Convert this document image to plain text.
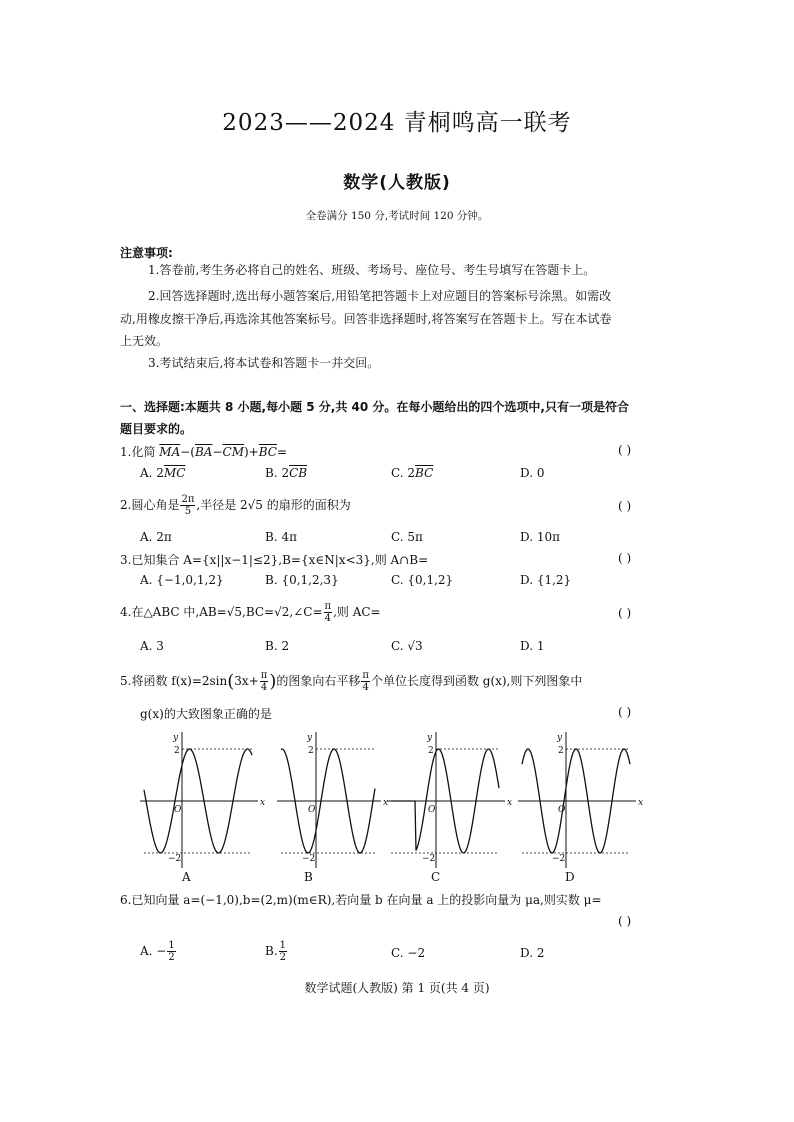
2023——2024 青桐鸣高一联考
数学(人教版)
全卷满分 150 分,考试时间 120 分钟。
注意事项:
1.答卷前,考生务必将自己的姓名、班级、考场号、座位号、考生号填写在答题卡上。
2.回答选择题时,选出每小题答案后,用铅笔把答题卡上对应题目的答案标号涂黑。如需改
动,用橡皮擦干净后,再选涂其他答案标号。回答非选择题时,将答案写在答题卡上。写在本试卷
上无效。
3.考试结束后,将本试卷和答题卡一并交回。
一、选择题:本题共 8 小题,每小题 5 分,共 40 分。在每小题给出的四个选项中,只有一项是符合
题目要求的。
1.化简 $\overline{MA}-(\overline{BA}-\overline{CM})+\overline{BC}=$	( )
A. $2\overline{MC}$	B. $2\overline{CB}$	C. $2\overline{BC}$	D. 0
2.圆心角是 $\frac{2\pi}{5}$ ,半径是 2√5 的扇形的面积为	( )
A. 2π	B. 4π	C. 5π	D. 10π
3.已知集合 A={x||x−1|≤2},B={x∈N|x<3},则 A∩B=	( )
A. {−1,0,1,2}	B. {0,1,2,3}	C. {0,1,2}	D. {1,2}
4.在△ABC 中,AB=√5,BC=√2,∠C= $\frac{\pi}{4}$ ,则 AC=	( )
A. 3	B. 2	C. √3	D. 1
5.将函数 $f(x)=2\sin(3x+ \frac{\pi}{4}$ )的图象向右平移 $\frac{\pi}{4}$ 个单位长度得到函数 g(x),则下列图象中
g(x)的大致图象正确的是	( )
y
x
O
2
−2
y
x
O
2
−2
y
x
O
2
−2
y
x
O
2
−2
A	B	C	D
6.已知向量 a=(−1,0),b=(2,m)(m∈R),若向量 b 在向量 a 上的投影向量为 μa,则实数 μ=
( )
A. − $\frac{1}{2}$	B. $\frac{1}{2}$	C. −2	D. 2
数学试题(人教版) 第 1 页(共 4 页)
